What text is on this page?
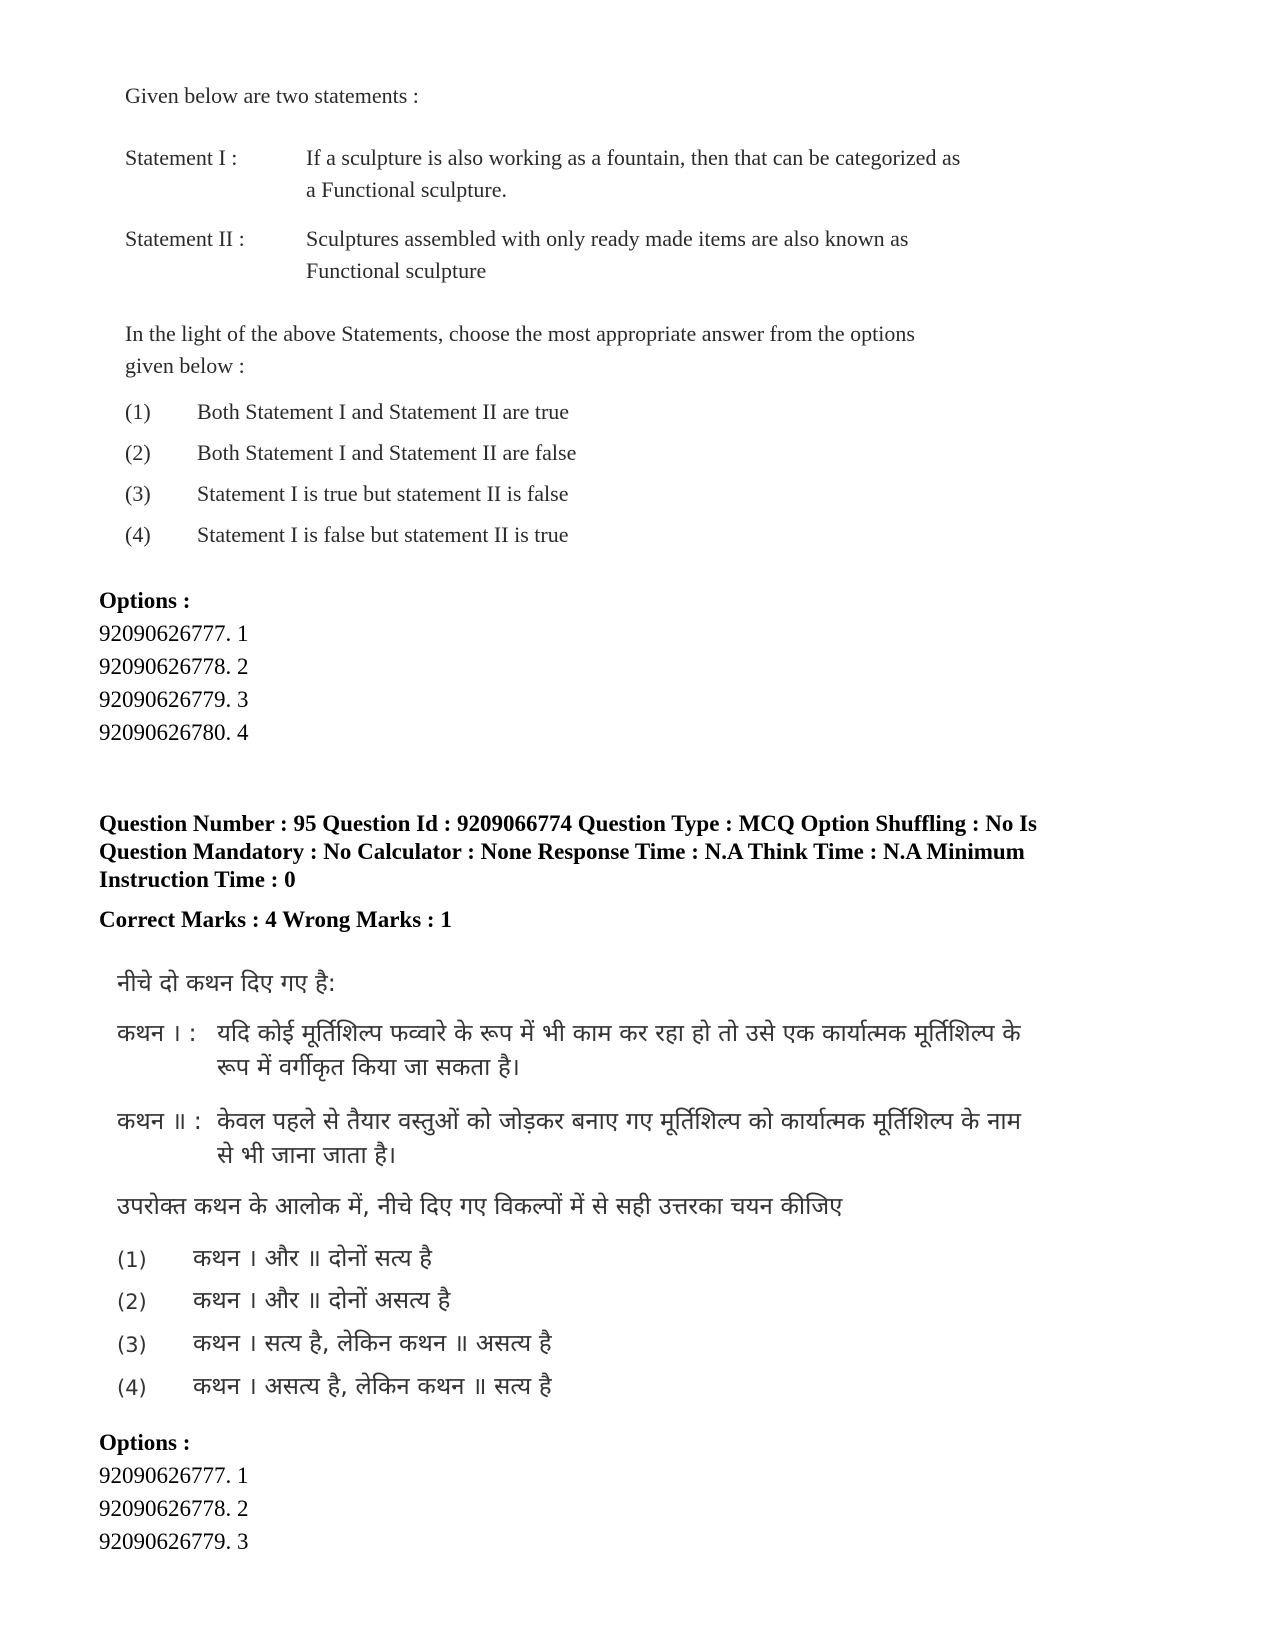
Given below are two statements :
Statement I :	If a sculpture is also working as a fountain, then that can be categorized as
a Functional sculpture.
Statement II :	Sculptures assembled with only ready made items are also known as
Functional sculpture
In the light of the above Statements, choose the most appropriate answer from the options
given below :
(1) Both Statement I and Statement II are true
(2) Both Statement I and Statement II are false
(3) Statement I is true but statement II is false
(4) Statement I is false but statement II is true
Options :
92090626777. 1
92090626778. 2
92090626779. 3
92090626780. 4
Question Number : 95 Question Id : 9209066774 Question Type : MCQ Option Shuffling : No Is
Question Mandatory : No Calculator : None Response Time : N.A Think Time : N.A Minimum
Instruction Time : 0
Correct Marks : 4 Wrong Marks : 1
नीचे दो कथन दिए गए है:
कथन । : यदि कोई मूर्तिशिल्प फव्वारे के रूप में भी काम कर रहा हो तो उसे एक कार्यात्मक मूर्तिशिल्प के
रूप में वर्गीकृत किया जा सकता है।
कथन ॥ : केवल पहले से तैयार वस्तुओं को जोड़कर बनाए गए मूर्तिशिल्प को कार्यात्मक मूर्तिशिल्प के नाम
से भी जाना जाता है।
उपरोक्त कथन के आलोक में, नीचे दिए गए विकल्पों में से सही उत्तरका चयन कीजिए
(1) कथन । और ॥ दोनों सत्य है
(2) कथन । और ॥ दोनों असत्य है
(3) कथन । सत्य है, लेकिन कथन ॥ असत्य है
(4) कथन । असत्य है, लेकिन कथन ॥ सत्य है
Options :
92090626777. 1
92090626778. 2
92090626779. 3
